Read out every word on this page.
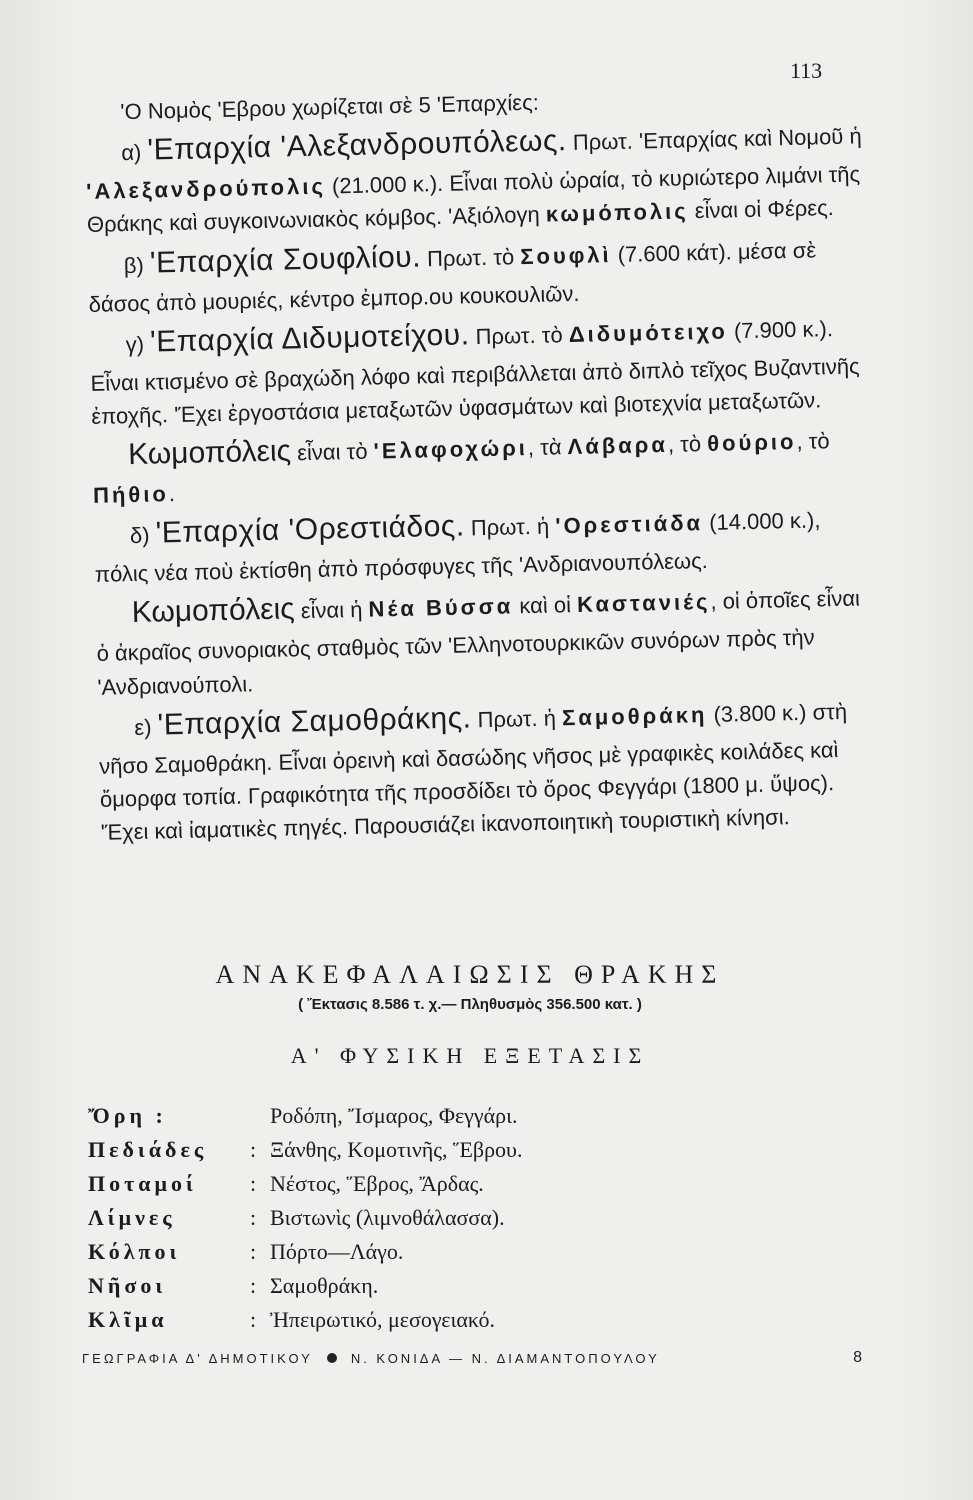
113

'Ο Νομὸς 'Εβρου χωρίζεται σὲ 5 'Επαρχίες:

α) 'Επαρχία 'Αλεξανδρουπόλεως. Πρωτ. 'Επαρχίας καὶ Νομοῦ ἡ 'Αλεξανδρούπολις (21.000 κ.). Εἶναι πολὺ ὡραία, τὸ κυριώτερο λιμάνι τῆς Θράκης καὶ συγκοινωνιακὸς κόμβος. 'Αξιόλογη κωμόπολις εἶναι οἱ Φέρες.

β) 'Επαρχία Σουφλίου. Πρωτ. τὸ Σουφλὶ (7.600 κάτ). μέσα σὲ δάσος ἀπὸ μουριές, κέντρο ἐμπορ.ου κουκουλιῶν.

γ) 'Επαρχία Διδυμοτείχου. Πρωτ. τὸ Διδυμότειχο (7.900 κ.). Εἶναι κτισμένο σὲ βραχώδη λόφο καὶ περιβάλλεται ἀπὸ διπλὸ τεῖχος Βυζαντινῆς ἐποχῆς. 'Έχει ἐργοστάσια μεταξωτῶν ὑφασμάτων καὶ βιοτεχνία μεταξωτῶν.

Κωμοπόλεις εἶναι τὸ 'Ελαφοχώρι, τὰ Λάβαρα, τὸ θούριο, τὸ Πήθιο.

δ) 'Επαρχία 'Ορεστιάδος. Πρωτ. ἡ 'Ορεστιάδα (14.000 κ.), πόλις νέα ποὺ ἐκτίσθη ἀπὸ πρόσφυγες τῆς 'Ανδριανουπόλεως.

Κωμοπόλεις εἶναι ἡ Νέα Βύσσα καὶ οἱ Καστανιές, οἱ ὁποῖες εἶναι ὁ ἀκραῖος συνοριακὸς σταθμὸς τῶν 'Ελληνοτουρκικῶν συνόρων πρὸς τὴν 'Ανδριανούπολι.

ε) 'Επαρχία Σαμοθράκης. Πρωτ. ἡ Σαμοθράκη (3.800 κ.) στὴ νῆσο Σαμοθράκη. Εἶναι ὀρεινὴ καὶ δασώδης νῆσος μὲ γραφικὲς κοιλάδες καὶ ὄμορφα τοπία. Γραφικότητα τῆς προσδίδει τὸ ὄρος Φεγγάρι (1800 μ. ὕψος). 'Έχει καὶ ἰαματικὲς πηγές. Παρουσιάζει ἱκανοποιητικὴ τουριστικὴ κίνησι.

ΑΝΑΚΕΦΑΛΑΙΩΣΙΣ ΘΡΑΚΗΣ

( Ἔκτασις 8.586 τ. χ.— Πληθυσμὸς 356.500 κατ. )
Α' ΦΥΣΙΚΗ ΕΞΕΤΑΣΙΣ
Ὄρη :	Ροδόπη, Ἴσμαρος, Φεγγάρι.
Πεδιάδες	: Ξάνθης, Κομοτινῆς, Ἕβρου.
Ποταμοί	: Νέστος, Ἕβρος, Ἄρδας.
Λίμνες	: Βιστωνὶς (λιμνοθάλασσα).
Κόλποι	: Πόρτο—Λάγο.
Νῆσοι	: Σαμοθράκη.
Κλῖμα	: Ἠπειρωτικό, μεσογειακό.
ΓΕΩΓΡΑΦΙΑ Δ' ΔΗΜΟΤΙΚΟΥ	Ν. ΚΟΝΙΔΑ — Ν. ΔΙΑΜΑΝΤΟΠΟΥΛΟΥ	8
